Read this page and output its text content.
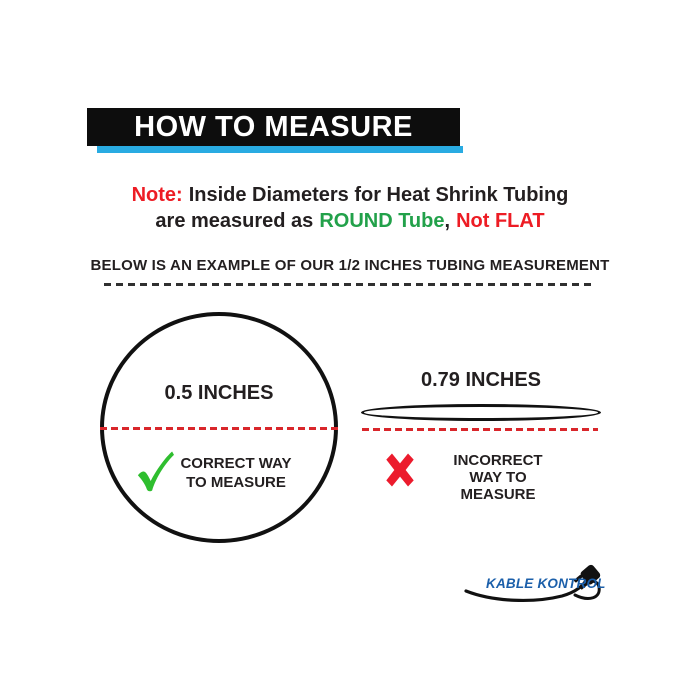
HOW TO MEASURE
Note: Inside Diameters for Heat Shrink Tubing
are measured as ROUND Tube, Not FLAT
BELOW IS AN EXAMPLE OF OUR 1/2 INCHES TUBING MEASUREMENT
0.5 INCHES
CORRECT WAY
TO MEASURE
0.79 INCHES
INCORRECT
WAY TO
MEASURE
KABLE KONTROL
